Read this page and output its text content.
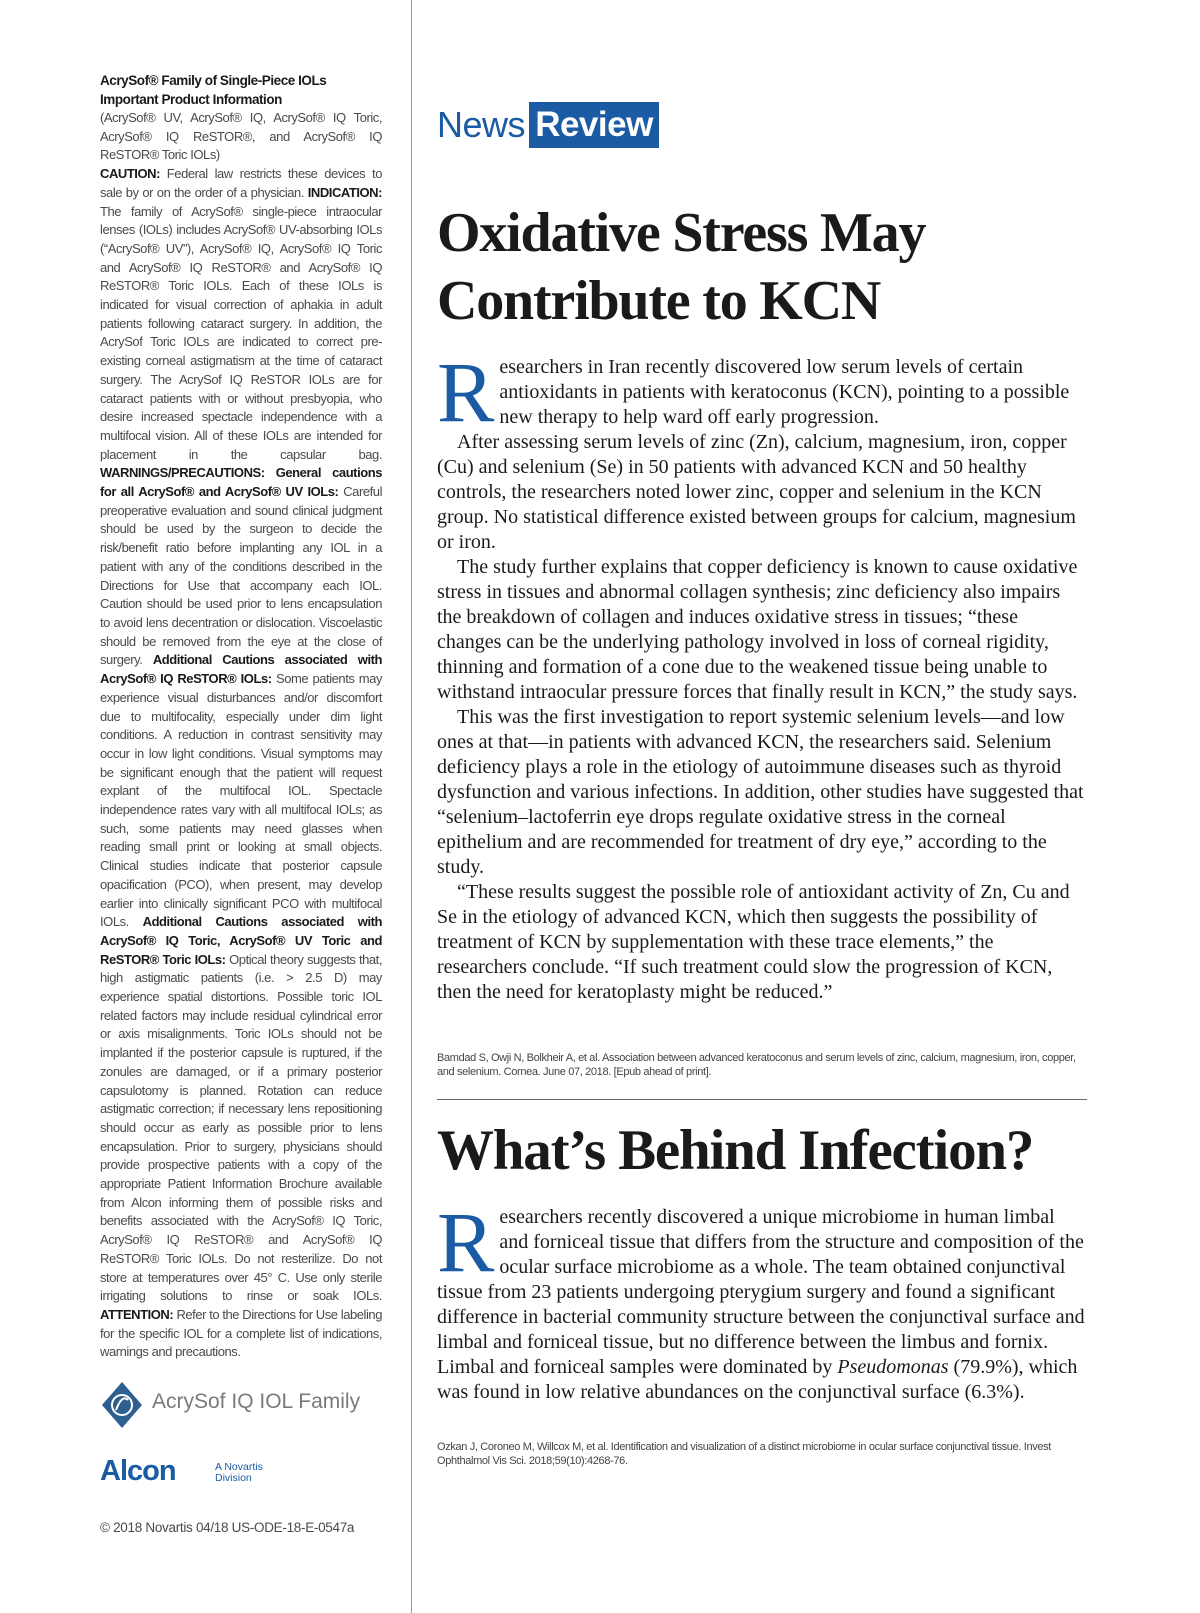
AcrySof® Family of Single-Piece IOLs
Important Product Information
(AcrySof® UV, AcrySof® IQ, AcrySof® IQ Toric, AcrySof® IQ ReSTOR®, and AcrySof® IQ ReSTOR® Toric IOLs)
CAUTION: Federal law restricts these devices to sale by or on the order of a physician. INDICATION: The family of AcrySof® single-piece intraocular lenses (IOLs) includes AcrySof® UV-absorbing IOLs (“AcrySof® UV”), AcrySof® IQ, AcrySof® IQ Toric and AcrySof® IQ ReSTOR® and AcrySof® IQ ReSTOR® Toric IOLs. Each of these IOLs is indicated for visual correction of aphakia in adult patients following cataract surgery. In addition, the AcrySof Toric IOLs are indicated to correct pre-existing corneal astigmatism at the time of cataract surgery. The AcrySof IQ ReSTOR IOLs are for cataract patients with or without presbyopia, who desire increased spectacle independence with a multifocal vision. All of these IOLs are intended for placement in the capsular bag. WARNINGS/PRECAUTIONS: General cautions for all AcrySof® and AcrySof® UV IOLs: Careful preoperative evaluation and sound clinical judgment should be used by the surgeon to decide the risk/benefit ratio before implanting any IOL in a patient with any of the conditions described in the Directions for Use that accompany each IOL. Caution should be used prior to lens encapsulation to avoid lens decentration or dislocation. Viscoelastic should be removed from the eye at the close of surgery. Additional Cautions associated with AcrySof® IQ ReSTOR® IOLs: Some patients may experience visual disturbances and/or discomfort due to multifocality, especially under dim light conditions. A reduction in contrast sensitivity may occur in low light conditions. Visual symptoms may be significant enough that the patient will request explant of the multifocal IOL. Spectacle independence rates vary with all multifocal IOLs; as such, some patients may need glasses when reading small print or looking at small objects. Clinical studies indicate that posterior capsule opacification (PCO), when present, may develop earlier into clinically significant PCO with multifocal IOLs. Additional Cautions associated with AcrySof® IQ Toric, AcrySof® UV Toric and ReSTOR® Toric IOLs: Optical theory suggests that, high astigmatic patients (i.e. > 2.5 D) may experience spatial distortions. Possible toric IOL related factors may include residual cylindrical error or axis misalignments. Toric IOLs should not be implanted if the posterior capsule is ruptured, if the zonules are damaged, or if a primary posterior capsulotomy is planned. Rotation can reduce astigmatic correction; if necessary lens repositioning should occur as early as possible prior to lens encapsulation. Prior to surgery, physicians should provide prospective patients with a copy of the appropriate Patient Information Brochure available from Alcon informing them of possible risks and benefits associated with the AcrySof® IQ Toric, AcrySof® IQ ReSTOR® and AcrySof® IQ ReSTOR® Toric IOLs. Do not resterilize. Do not store at temperatures over 45° C. Use only sterile irrigating solutions to rinse or soak IOLs. ATTENTION: Refer to the Directions for Use labeling for the specific IOL for a complete list of indications, warnings and precautions.
AcrySof IQ IOL Family
Alcon	A Novartis Division
© 2018 Novartis 04/18 US-ODE-18-E-0547a
News Review
Oxidative Stress May Contribute to KCN

Researchers in Iran recently discovered low serum levels of certain antioxidants in patients with keratoconus (KCN), pointing to a possible new therapy to help ward off early progression.

After assessing serum levels of zinc (Zn), calcium, magnesium, iron, copper (Cu) and selenium (Se) in 50 patients with advanced KCN and 50 healthy controls, the researchers noted lower zinc, copper and selenium in the KCN group. No statistical difference existed between groups for calcium, magnesium or iron.

The study further explains that copper deficiency is known to cause oxidative stress in tissues and abnormal collagen synthesis; zinc deficiency also impairs the breakdown of collagen and induces oxidative stress in tissues; “these changes can be the underlying pathology involved in loss of corneal rigidity, thinning and formation of a cone due to the weakened tissue being unable to withstand intraocular pressure forces that finally result in KCN,” the study says.

This was the first investigation to report systemic selenium levels—and low ones at that—in patients with advanced KCN, the researchers said. Selenium deficiency plays a role in the etiology of autoimmune diseases such as thyroid dysfunction and various infections. In addition, other studies have suggested that “selenium–lactoferrin eye drops regulate oxidative stress in the corneal epithelium and are recommended for treatment of dry eye,” according to the study.

“These results suggest the possible role of antioxidant activity of Zn, Cu and Se in the etiology of advanced KCN, which then suggests the possibility of treatment of KCN by supplementation with these trace elements,” the researchers conclude. “If such treatment could slow the progression of KCN, then the need for keratoplasty might be reduced.”

Bamdad S, Owji N, Bolkheir A, et al. Association between advanced keratoconus and serum levels of zinc, calcium, magnesium, iron, copper, and selenium. Cornea. June 07, 2018. [Epub ahead of print].
What’s Behind Infection?

Researchers recently discovered a unique microbiome in human limbal and forniceal tissue that differs from the structure and composition of the ocular surface microbiome as a whole. The team obtained conjunctival tissue from 23 patients undergoing pterygium surgery and found a significant difference in bacterial community structure between the conjunctival surface and limbal and forniceal tissue, but no difference between the limbus and fornix. Limbal and forniceal samples were dominated by Pseudomonas (79.9%), which was found in low relative abundances on the conjunctival surface (6.3%).

Ozkan J, Coroneo M, Willcox M, et al. Identification and visualization of a distinct microbiome in ocular surface conjunctival tissue. Invest Ophthalmol Vis Sci. 2018;59(10):4268-76.
